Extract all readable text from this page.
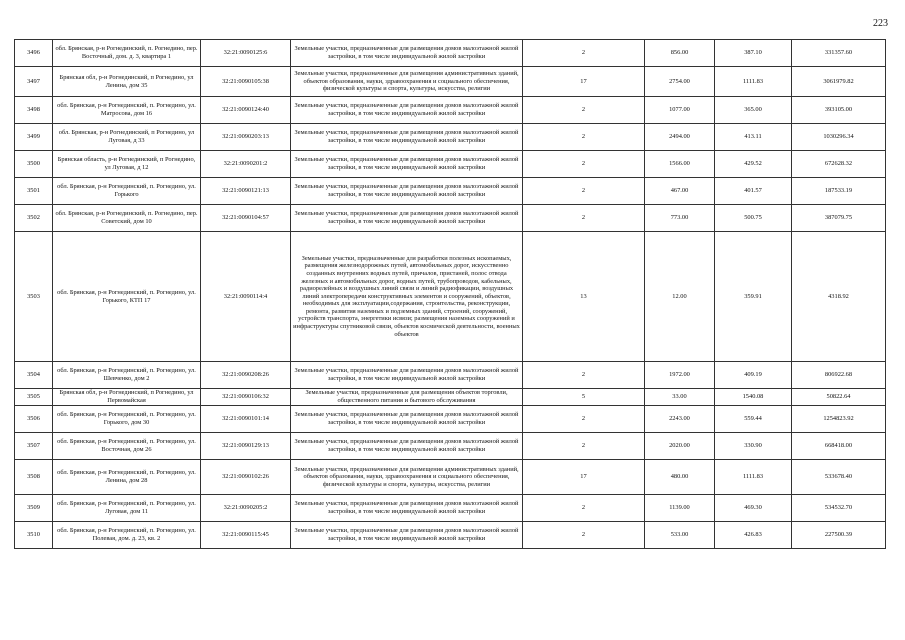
223
3496	обл. Брянская, р-н Рогнединский, п. Рогнедино, пер. Восточный, дом. д. 3, квартира 1	32:21:0090125:6	Земельные участки, предназначенные для размещения домов малоэтажной жилой застройки, в том числе индивидуальной жилой застройки	2	856.00	387.10	331357.60
3497	Брянская обл, р-н Рогнединский, п Рогнедино, ул Ленина, дом 35	32:21:0090105:38	Земельные участки, предназначенные для размещения административных зданий, объектов образования, науки, здравоохранения и социального обеспечения, физической культуры и спорта, культуры, искусства, религии	17	2754.00	1111.83	3061979.82
3498	обл. Брянская, р-н Рогнединский, п. Рогнедино, ул. Матросова, дом 16	32:21:0090124:40	Земельные участки, предназначенные для размещения домов малоэтажной жилой застройки, в том числе индивидуальной жилой застройки	2	1077.00	365.00	393105.00
3499	обл. Брянская, р-н Рогнединский, п Рогнедино, ул Луговая, д 33	32:21:0090203:13	Земельные участки, предназначенные для размещения домов малоэтажной жилой застройки, в том числе индивидуальной жилой застройки	2	2494.00	413.11	1030296.34
3500	Брянская область, р-н Рогнединский, п Рогнедино, ул Луговая, д 12	32:21:0090201:2	Земельные участки, предназначенные для размещения домов малоэтажной жилой застройки, в том числе индивидуальной жилой застройки	2	1566.00	429.52	672628.32
3501	обл. Брянская, р-н Рогнединский, п. Рогнедино, ул. Горького	32:21:0090121:13	Земельные участки, предназначенные для размещения домов малоэтажной жилой застройки, в том числе индивидуальной жилой застройки	2	467.00	401.57	187533.19
3502	обл. Брянская, р-н Рогнединский, п. Рогнедино, пер. Советский, дом 10	32:21:0090104:57	Земельные участки, предназначенные для размещения домов малоэтажной жилой застройки, в том числе индивидуальной жилой застройки	2	773.00	500.75	387079.75
3503	обл. Брянская, р-н Рогнединский, п. Рогнедино, ул. Горького, КТП 17	32:21:0090114:4	Земельные участки, предназначенные для разработки полезных ископаемых, размещения железнодорожных путей, автомобильных дорог, искусственно созданных внутренних водных путей, причалов, пристаней, полос отвода железных и автомобильных дорог, водных путей, трубопроводов, кабельных, радиорелейных и воздушных линий связи и линий радиофикации, воздушных линий электропередачи конструктивных элементов и сооружений, объектов, необходимых для эксплуатации,содержания, строительства, реконструкции, ремонта, развития наземных и подземных зданий, строений, сооружений, устройств транспорта, энергетики исвязи; размещения наземных сооружений и инфраструктуры спутниковой связи, объектов космической деятельности, военных объектов	13	12.00	359.91	4318.92
3504	обл. Брянская, р-н Рогнединский, п. Рогнедино, ул. Шевченко, дом 2	32:21:0090208:26	Земельные участки, предназначенные для размещения домов малоэтажной жилой застройки, в том числе индивидуальной жилой застройки	2	1972.00	409.19	806922.68
3505	Брянская обл, р-н Рогнединский, п Рогнедино, ул Первомайская	32:21:0090106:32	Земельные участки, предназначенные для размещения объектов торговли, общественного питания и бытового обслуживания	5	33.00	1540.08	50822.64
3506	обл. Брянская, р-н Рогнединский, п. Рогнедино, ул. Горького, дом 30	32:21:0090101:14	Земельные участки, предназначенные для размещения домов малоэтажной жилой застройки, в том числе индивидуальной жилой застройки	2	2243.00	559.44	1254823.92
3507	обл. Брянская, р-н Рогнединский, п. Рогнедино, ул. Восточная, дом 26	32:21:0090129:13	Земельные участки, предназначенные для размещения домов малоэтажной жилой застройки, в том числе индивидуальной жилой застройки	2	2020.00	330.90	668418.00
3508	обл. Брянская, р-н Рогнединский, п. Рогнедино, ул. Ленина, дом 28	32:21:0090102:26	Земельные участки, предназначенные для размещения административных зданий, объектов образования, науки, здравоохранения и социального обеспечения, физической культуры и спорта, культуры, искусства, религии	17	480.00	1111.83	533678.40
3509	обл. Брянская, р-н Рогнединский, п. Рогнедино, ул. Луговая, дом 11	32:21:0090205:2	Земельные участки, предназначенные для размещения домов малоэтажной жилой застройки, в том числе индивидуальной жилой застройки	2	1139.00	469.30	534532.70
3510	обл. Брянская, р-н Рогнединский, п. Рогнедино, ул. Полевая, дом. д. 23, кв. 2	32:21:0090115:45	Земельные участки, предназначенные для размещения домов малоэтажной жилой застройки, в том числе индивидуальной жилой застройки	2	533.00	426.83	227500.39
